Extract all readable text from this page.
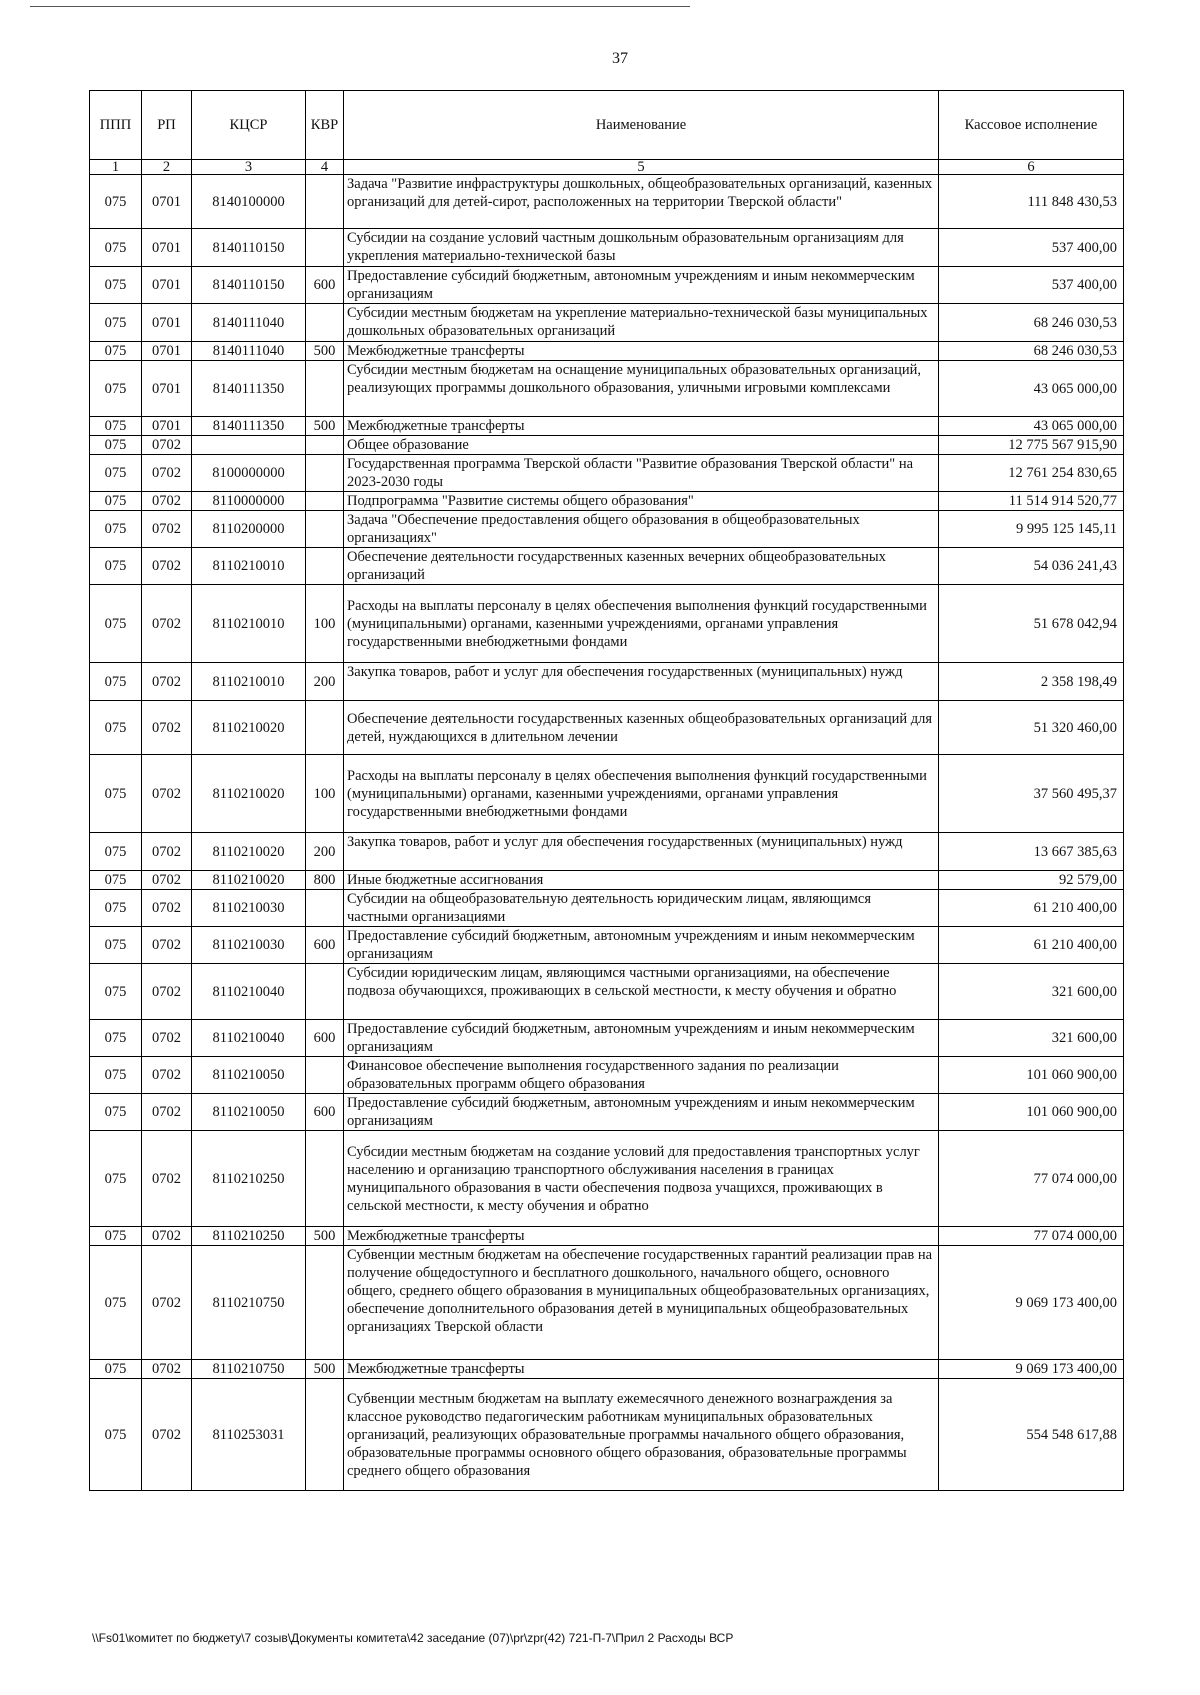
37
ППП	РП	КЦСР	КВР	Наименование	Кассовое исполнение
1	2	3	4	5	6
075	0701	8140100000		Задача "Развитие инфраструктуры дошкольных, общеобразовательных организаций, казенных организаций для детей-сирот, расположенных на территории Тверской области"	111 848 430,53
075	0701	8140110150		Субсидии на создание условий частным дошкольным образовательным организациям для укрепления материально-технической базы	537 400,00
075	0701	8140110150	600	Предоставление субсидий бюджетным, автономным учреждениям и иным некоммерческим организациям	537 400,00
075	0701	8140111040		Субсидии местным бюджетам на укрепление материально-технической базы муниципальных дошкольных образовательных организаций	68 246 030,53
075	0701	8140111040	500	Межбюджетные трансферты	68 246 030,53
075	0701	8140111350		Субсидии местным бюджетам на оснащение муниципальных образовательных организаций, реализующих программы дошкольного образования, уличными игровыми комплексами	43 065 000,00
075	0701	8140111350	500	Межбюджетные трансферты	43 065 000,00
075	0702			Общее образование	12 775 567 915,90
075	0702	8100000000		Государственная программа Тверской области "Развитие образования Тверской области" на 2023-2030 годы	12 761 254 830,65
075	0702	8110000000		Подпрограмма "Развитие системы общего образования"	11 514 914 520,77
075	0702	8110200000		Задача "Обеспечение предоставления общего образования в общеобразовательных организациях"	9 995 125 145,11
075	0702	8110210010		Обеспечение деятельности государственных казенных вечерних общеобразовательных организаций	54 036 241,43
075	0702	8110210010	100	Расходы на выплаты персоналу в целях обеспечения выполнения функций государственными (муниципальными) органами, казенными учреждениями, органами управления государственными внебюджетными фондами	51 678 042,94
075	0702	8110210010	200	Закупка товаров, работ и услуг для обеспечения государственных (муниципальных) нужд	2 358 198,49
075	0702	8110210020		Обеспечение деятельности государственных казенных общеобразовательных организаций для детей, нуждающихся в длительном лечении	51 320 460,00
075	0702	8110210020	100	Расходы на выплаты персоналу в целях обеспечения выполнения функций государственными (муниципальными) органами, казенными учреждениями, органами управления государственными внебюджетными фондами	37 560 495,37
075	0702	8110210020	200	Закупка товаров, работ и услуг для обеспечения государственных (муниципальных) нужд	13 667 385,63
075	0702	8110210020	800	Иные бюджетные ассигнования	92 579,00
075	0702	8110210030		Субсидии на общеобразовательную деятельность юридическим лицам, являющимся частными организациями	61 210 400,00
075	0702	8110210030	600	Предоставление субсидий бюджетным, автономным учреждениям и иным некоммерческим организациям	61 210 400,00
075	0702	8110210040		Субсидии юридическим лицам, являющимся частными организациями, на обеспечение подвоза обучающихся, проживающих в сельской местности, к месту обучения и обратно	321 600,00
075	0702	8110210040	600	Предоставление субсидий бюджетным, автономным учреждениям и иным некоммерческим организациям	321 600,00
075	0702	8110210050		Финансовое обеспечение выполнения государственного задания по реализации образовательных программ общего образования	101 060 900,00
075	0702	8110210050	600	Предоставление субсидий бюджетным, автономным учреждениям и иным некоммерческим организациям	101 060 900,00
075	0702	8110210250		Субсидии местным бюджетам на создание условий для предоставления транспортных услуг населению и организацию транспортного обслуживания населения в границах муниципального образования в части обеспечения подвоза учащихся, проживающих в сельской местности, к месту обучения и обратно	77 074 000,00
075	0702	8110210250	500	Межбюджетные трансферты	77 074 000,00
075	0702	8110210750		Субвенции местным бюджетам на обеспечение государственных гарантий реализации прав на получение общедоступного и бесплатного дошкольного, начального общего, основного общего, среднего общего образования в муниципальных общеобразовательных организациях, обеспечение дополнительного образования детей в муниципальных общеобразовательных организациях Тверской области	9 069 173 400,00
075	0702	8110210750	500	Межбюджетные трансферты	9 069 173 400,00
075	0702	8110253031		Субвенции местным бюджетам на выплату ежемесячного денежного вознаграждения за классное руководство педагогическим работникам муниципальных образовательных организаций, реализующих образовательные программы начального общего образования, образовательные программы основного общего образования, образовательные программы среднего общего образования	554 548 617,88
\\Fs01\комитет по бюджету\7 созыв\Документы комитета\42 заседание (07)\pr\zpr(42) 721-П-7\Прил 2 Расходы ВСР
